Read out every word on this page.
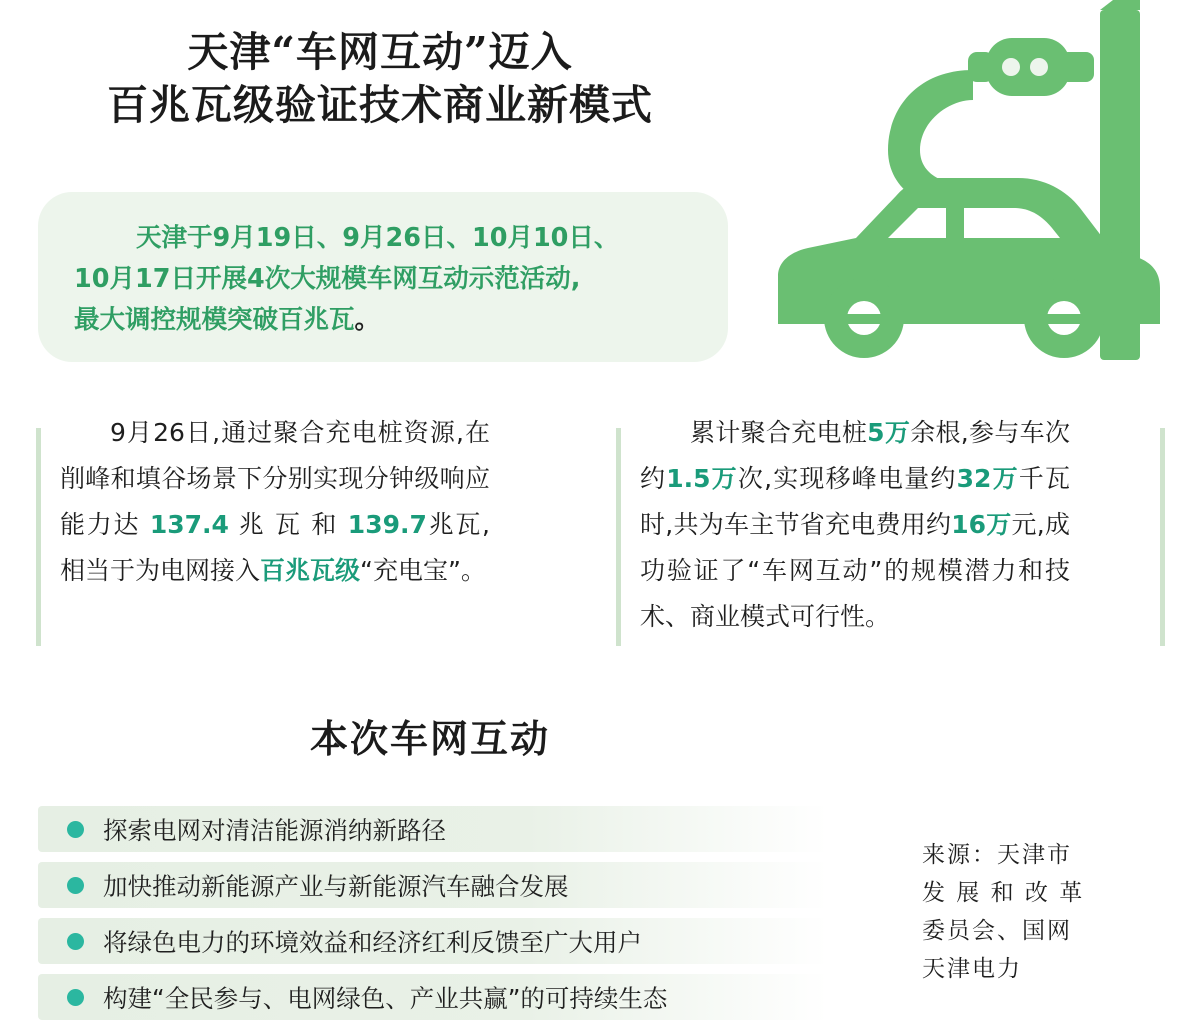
天津“车网互动”迈入
百兆瓦级验证技术商业新模式
天津于9月19日、9月26日、10月10日、
10月17日开展4次大规模车网互动示范活动,
最大调控规模突破百兆瓦。

9月26日,通过聚合充电桩资源,在削峰和填谷场景下分别实现分钟级响应能力达 137.4 兆 瓦 和 139.7兆瓦,相当于为电网接入百兆瓦级“充电宝”。

累计聚合充电桩5万余根,参与车次约1.5万次,实现移峰电量约32万千瓦时,共为车主节省充电费用约16万元,成功验证了“车网互动”的规模潜力和技术、商业模式可行性。

本次车网互动
探索电网对清洁能源消纳新路径
加快推动新能源产业与新能源汽车融合发展
将绿色电力的环境效益和经济红利反馈至广大用户
构建“全民参与、电网绿色、产业共赢”的可持续生态
来源：天津市
发 展 和 改 革
委员会、国网
天津电力
